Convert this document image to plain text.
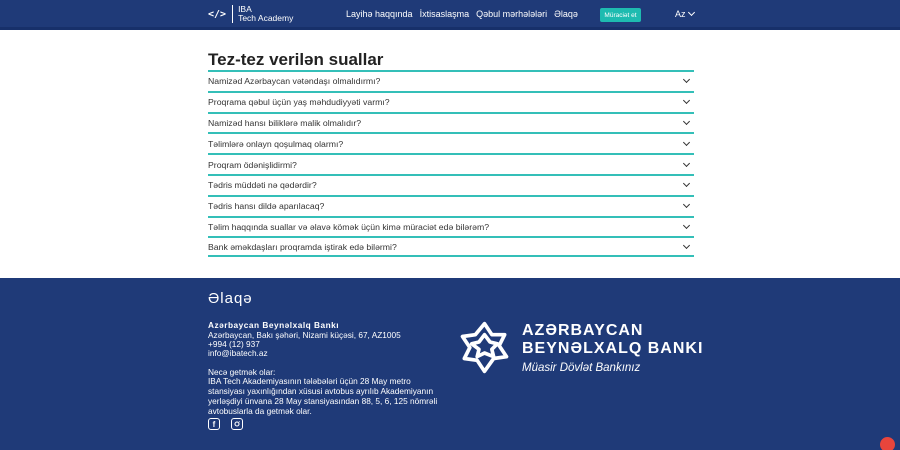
</> IBA
Tech Academy	Layihə haqqında İxtisaslaşma Qəbul mərhələləri Əlaqə	Müraciət et	Az
Tez-tez verilən suallar
Namizəd Azərbaycan vətəndaşı olmalıdırmı?
Proqrama qəbul üçün yaş məhdudiyyəti varmı?
Namizəd hansı biliklərə malik olmalıdır?
Təlimlərə onlayn qoşulmaq olarmı?
Proqram ödənişlidirmi?
Tədris müddəti nə qədərdir?
Tədris hansı dildə aparılacaq?
Təlim haqqında suallar və əlavə kömək üçün kimə müraciət edə bilərəm?
Bank əməkdaşları proqramda iştirak edə bilərmi?
Əlaqə
Azərbaycan Beynəlxalq Bankı
Azərbaycan, Bakı şəhəri, Nizami küçəsi, 67, AZ1005
+994 (12) 937
info@ibatech.az
Necə getmək olar:
IBA Tech Akademiyasının tələbələri üçün 28 May metro stansiyası yaxınlığından xüsusi avtobus ayrılıb Akademiyanın yerləşdiyi ünvana 28 May stansiyasından 88, 5, 6, 125 nömrəli avtobuslarla da getmək olar.
f
AZƏRBAYCAN
BEYNƏLXALQ BANKI
Müasir Dövlət Bankınız
